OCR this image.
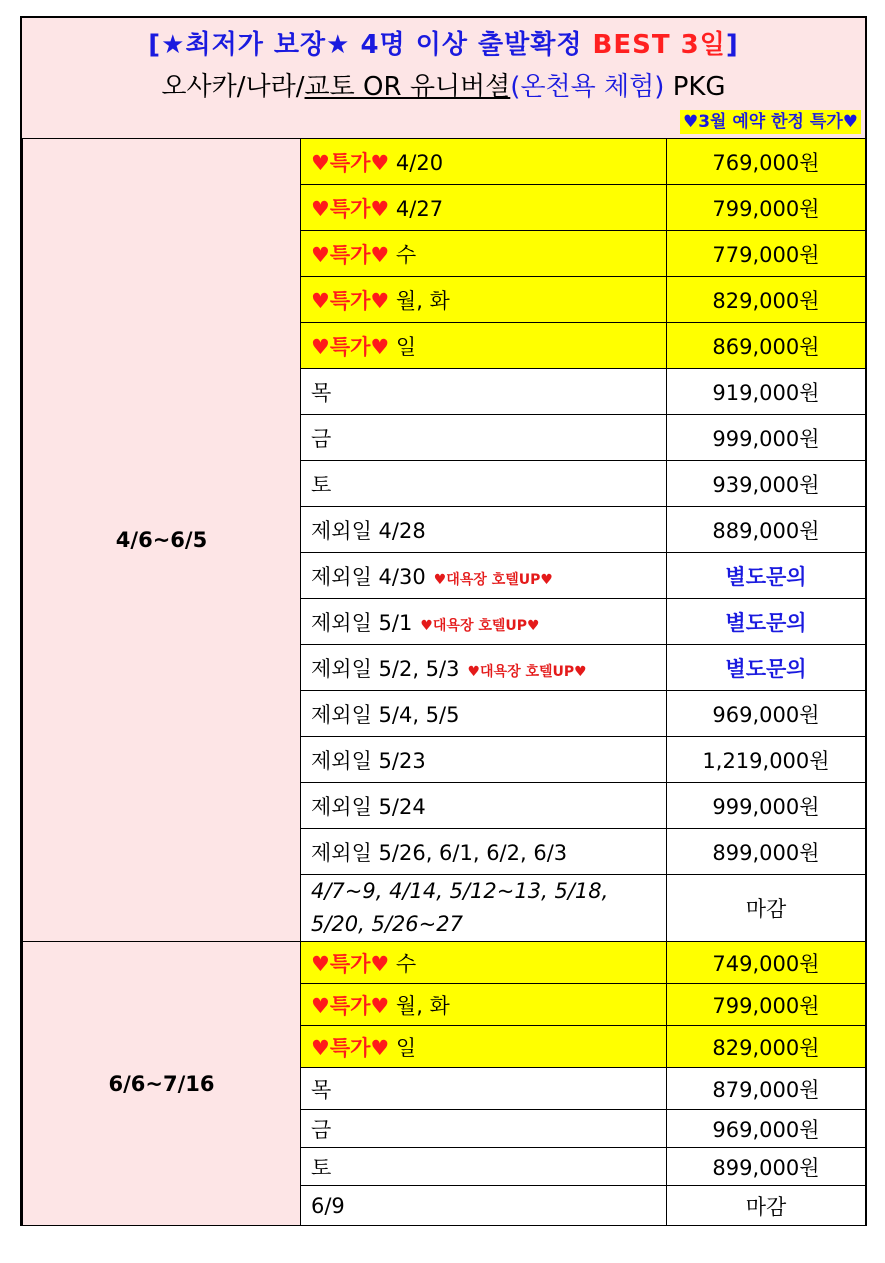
[★최저가 보장★ 4명 이상 출발확정 BEST 3일]
오사카/나라/교토 OR 유니버셜(온천욕 체험) PKG
♥3월 예약 한정 특가♥
4/6~6/5	♥특가♥ 4/20	769,000원
	♥특가♥ 4/27	799,000원
	♥특가♥ 수	779,000원
	♥특가♥ 월, 화	829,000원
	♥특가♥ 일	869,000원
	목	919,000원
	금	999,000원
	토	939,000원
	제외일 4/28	889,000원
	제외일 4/30 ♥대욕장 호텔UP♥	별도문의
	제외일 5/1 ♥대욕장 호텔UP♥	별도문의
	제외일 5/2, 5/3 ♥대욕장 호텔UP♥	별도문의
	제외일 5/4, 5/5	969,000원
	제외일 5/23	1,219,000원
	제외일 5/24	999,000원
	제외일 5/26, 6/1, 6/2, 6/3	899,000원
	4/7~9, 4/14, 5/12~13, 5/18, 5/20, 5/26~27	마감
6/6~7/16	♥특가♥ 수	749,000원
	♥특가♥ 월, 화	799,000원
	♥특가♥ 일	829,000원
	목	879,000원
	금	969,000원
	토	899,000원
	6/9	마감
